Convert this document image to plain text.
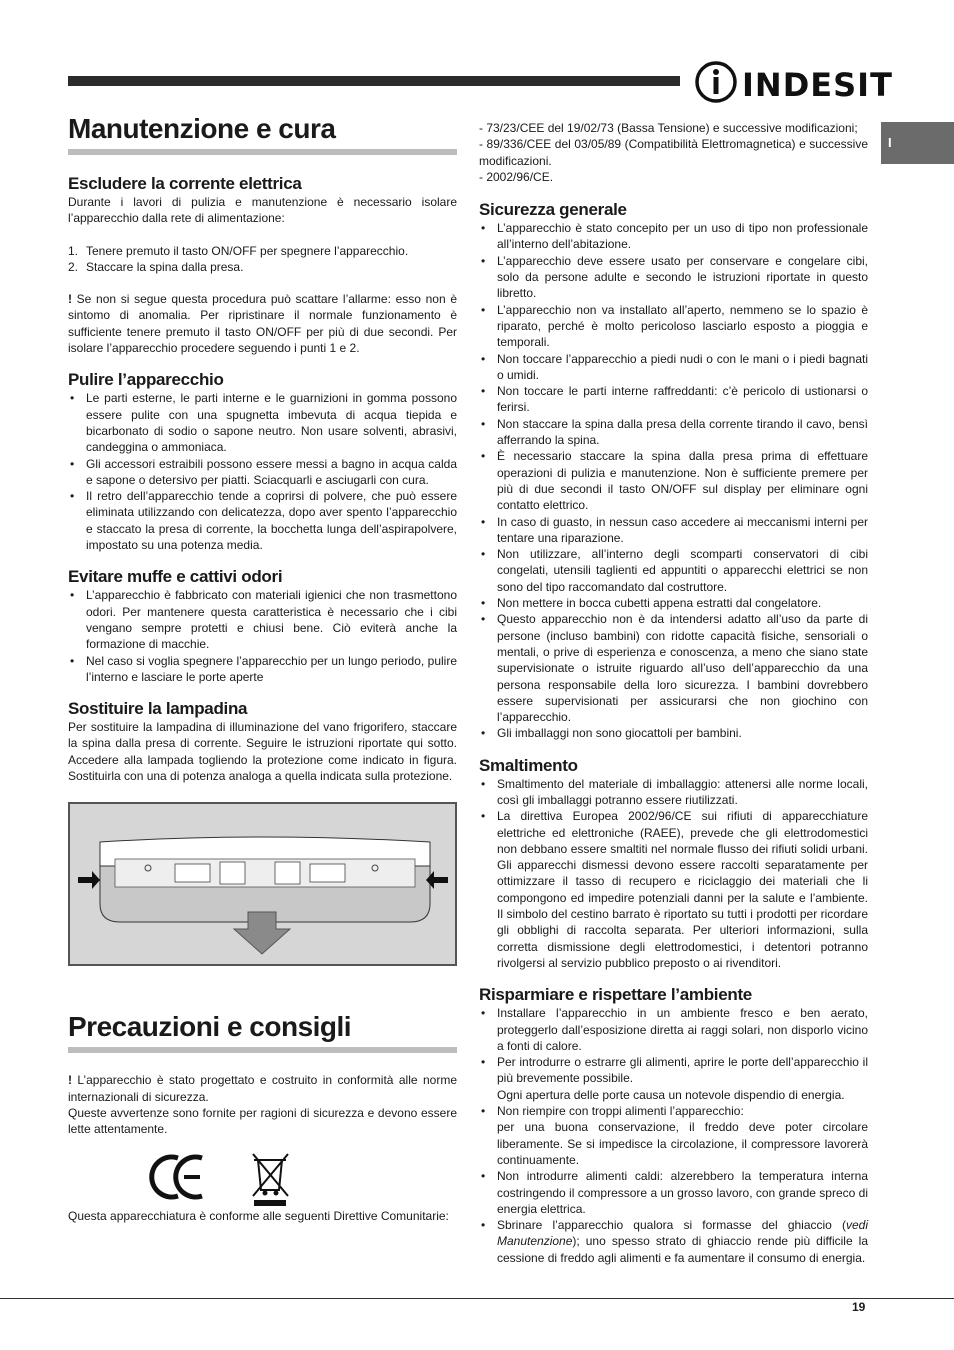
INDESIT
I
Manutenzione e cura
Escludere la corrente elettrica

Durante i lavori di pulizia e manutenzione è necessario isolare l’apparecchio dalla rete di alimentazione:

1. Tenere premuto il tasto ON/OFF per spegnere l’apparecchio.
2. Staccare la spina dalla presa.

! Se non si segue questa procedura può scattare l’allarme: esso non è sintomo di anomalia. Per ripristinare il normale funzionamento è sufficiente tenere premuto il tasto ON/OFF per più di due secondi. Per isolare l’apparecchio procedere seguendo i punti 1 e 2.

Pulire l’apparecchio
• Le parti esterne, le parti interne e le guarnizioni in gomma possono essere pulite con una spugnetta imbevuta di acqua tiepida e bicarbonato di sodio o sapone neutro. Non usare solventi, abrasivi, candeggina o ammoniaca.
• Gli accessori estraibili possono essere messi a bagno in acqua calda e sapone o detersivo per piatti. Sciacquarli e asciugarli con cura.
• Il retro dell’apparecchio tende a coprirsi di polvere, che può essere eliminata utilizzando con delicatezza, dopo aver spento l’apparecchio e staccato la presa di corrente, la bocchetta lunga dell’aspirapolvere, impostato su una potenza media.
Evitare muffe e cattivi odori
• L’apparecchio è fabbricato con materiali igienici che non trasmettono odori. Per mantenere questa caratteristica è necessario che i cibi vengano sempre protetti e chiusi bene. Ciò eviterà anche la formazione di macchie.
• Nel caso si voglia spegnere l’apparecchio per un lungo periodo, pulire l’interno e lasciare le porte aperte
Sostituire la lampadina

Per sostituire la lampadina di illuminazione del vano frigorifero, staccare la spina dalla presa di corrente. Seguire le istruzioni riportate qui sotto. Accedere alla lampada togliendo la protezione come indicato in figura. Sostituirla con una di potenza analoga a quella indicata sulla protezione.

Precauzioni e consigli

! L’apparecchio è stato progettato e costruito in conformità alle norme internazionali di sicurezza.

Queste avvertenze sono fornite per ragioni di sicurezza e devono essere lette attentamente.

Questa apparecchiatura è conforme alle seguenti Direttive Comunitarie:

- 73/23/CEE del 19/02/73 (Bassa Tensione) e successive modificazioni;

- 89/336/CEE del 03/05/89 (Compatibilità Elettromagnetica) e successive modificazioni.

- 2002/96/CE.

Sicurezza generale
• L’apparecchio è stato concepito per un uso di tipo non professionale all’interno dell’abitazione.
• L’apparecchio deve essere usato per conservare e congelare cibi, solo da persone adulte e secondo le istruzioni riportate in questo libretto.
• L’apparecchio non va installato all’aperto, nemmeno se lo spazio è riparato, perché è molto pericoloso lasciarlo esposto a pioggia e temporali.
• Non toccare l’apparecchio a piedi nudi o con le mani o i piedi bagnati o umidi.
• Non toccare le parti interne raffreddanti: c’è pericolo di ustionarsi o ferirsi.
• Non staccare la spina dalla presa della corrente tirando il cavo, bensì afferrando la spina.
• È necessario staccare la spina dalla presa prima di effettuare operazioni di pulizia e manutenzione. Non è sufficiente premere per più di due secondi il tasto ON/OFF sul display per eliminare ogni contatto elettrico.
• In caso di guasto, in nessun caso accedere ai meccanismi interni per tentare una riparazione.
• Non utilizzare, all’interno degli scomparti conservatori di cibi congelati, utensili taglienti ed appuntiti o apparecchi elettrici se non sono del tipo raccomandato dal costruttore.
• Non mettere in bocca cubetti appena estratti dal congelatore.
• Questo apparecchio non è da intendersi adatto all’uso da parte di persone (incluso bambini) con ridotte capacità fisiche, sensoriali o mentali, o prive di esperienza e conoscenza, a meno che siano state supervisionate o istruite riguardo all’uso dell’apparecchio da una persona responsabile della loro sicurezza. I bambini dovrebbero essere supervisionati per assicurarsi che non giochino con l’apparecchio.
• Gli imballaggi non sono giocattoli per bambini.
Smaltimento
• Smaltimento del materiale di imballaggio: attenersi alle norme locali, così gli imballaggi potranno essere riutilizzati.
• La direttiva Europea 2002/96/CE sui rifiuti di apparecchiature elettriche ed elettroniche (RAEE), prevede che gli elettrodomestici non debbano essere smaltiti nel normale flusso dei rifiuti solidi urbani. Gli apparecchi dismessi devono essere raccolti separatamente per ottimizzare il tasso di recupero e riciclaggio dei materiali che li compongono ed impedire potenziali danni per la salute e l’ambiente. Il simbolo del cestino barrato è riportato su tutti i prodotti per ricordare gli obblighi di raccolta separata. Per ulteriori informazioni, sulla corretta dismissione degli elettrodomestici, i detentori potranno rivolgersi al servizio pubblico preposto o ai rivenditori.
Risparmiare e rispettare l’ambiente
• Installare l’apparecchio in un ambiente fresco e ben aerato, proteggerlo dall’esposizione diretta ai raggi solari, non disporlo vicino a fonti di calore.
• Per introdurre o estrarre gli alimenti, aprire le porte dell’apparecchio il più brevemente possibile.
Ogni apertura delle porte causa un notevole dispendio di energia.
• Non riempire con troppi alimenti l’apparecchio:
per una buona conservazione, il freddo deve poter circolare liberamente. Se si impedisce la circolazione, il compressore lavorerà continuamente.
• Non introdurre alimenti caldi: alzerebbero la temperatura interna costringendo il compressore a un grosso lavoro, con grande spreco di energia elettrica.
• Sbrinare l’apparecchio qualora si formasse del ghiaccio (vedi Manutenzione); uno spesso strato di ghiaccio rende più difficile la cessione di freddo agli alimenti e fa aumentare il consumo di energia.
19
